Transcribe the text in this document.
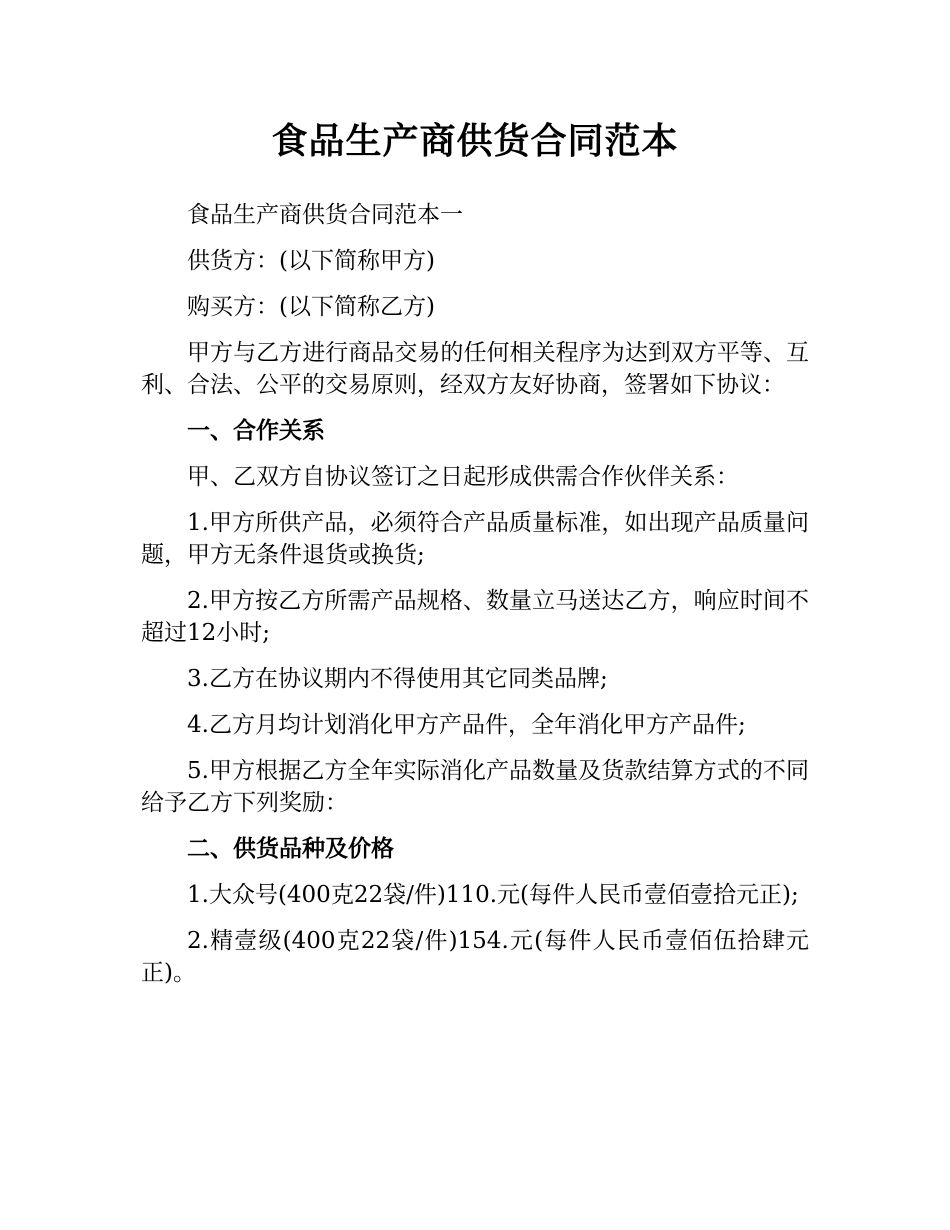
食品生产商供货合同范本

食品生产商供货合同范本一

供货方：(以下简称甲方)

购买方：(以下简称乙方)

甲方与乙方进行商品交易的任何相关程序为达到双方平等、互利、合法、公平的交易原则，经双方友好协商，签署如下协议：

一、合作关系

甲、乙双方自协议签订之日起形成供需合作伙伴关系：

1.甲方所供产品，必须符合产品质量标准，如出现产品质量问题，甲方无条件退货或换货;

2.甲方按乙方所需产品规格、数量立马送达乙方，响应时间不超过12小时;

3.乙方在协议期内不得使用其它同类品牌;

4.乙方月均计划消化甲方产品件，全年消化甲方产品件;

5.甲方根据乙方全年实际消化产品数量及货款结算方式的不同给予乙方下列奖励：

二、供货品种及价格

1.大众号(400克22袋/件)110.元(每件人民币壹佰壹拾元正);

2.精壹级(400克22袋/件)154.元(每件人民币壹佰伍拾肆元正)。
